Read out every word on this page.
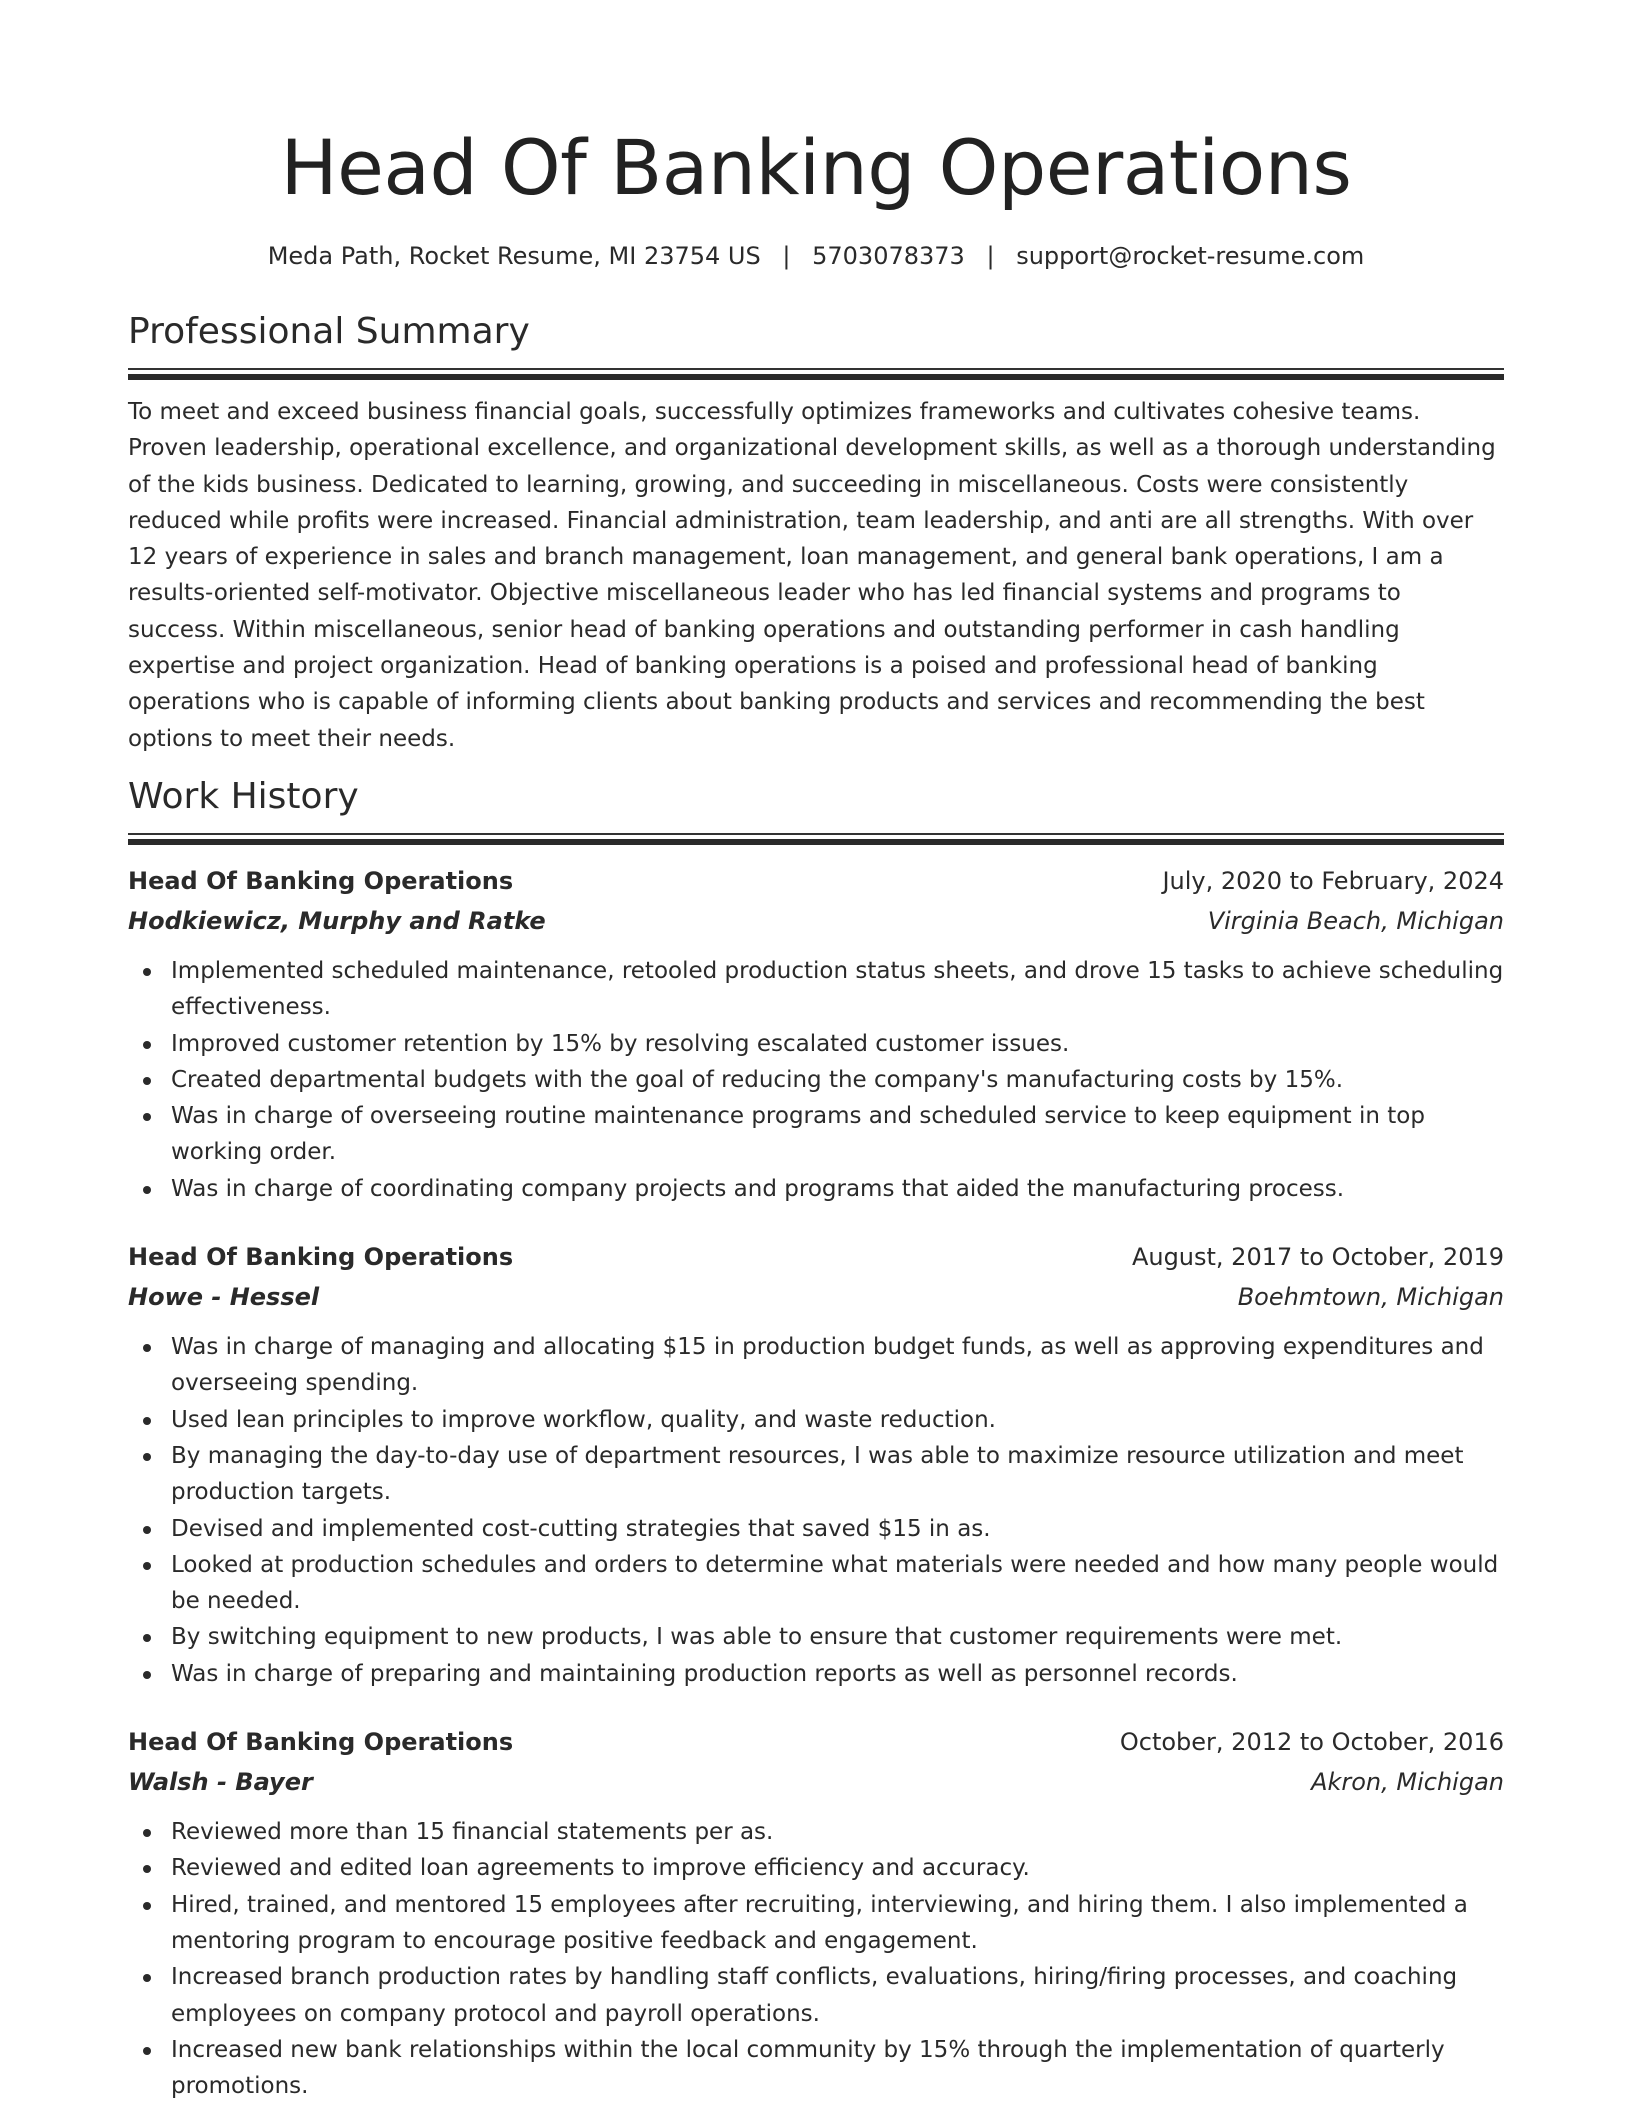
Head Of Banking Operations
Meda Path, Rocket Resume, MI 23754 US | 5703078373 | support@rocket-resume.com
Professional Summary

To meet and exceed business financial goals, successfully optimizes frameworks and cultivates cohesive teams. Proven leadership, operational excellence, and organizational development skills, as well as a thorough understanding of the kids business. Dedicated to learning, growing, and succeeding in miscellaneous. Costs were consistently reduced while profits were increased. Financial administration, team leadership, and anti are all strengths. With over 12 years of experience in sales and branch management, loan management, and general bank operations, I am a results-oriented self-motivator. Objective miscellaneous leader who has led financial systems and programs to success. Within miscellaneous, senior head of banking operations and outstanding performer in cash handling expertise and project organization. Head of banking operations is a poised and professional head of banking operations who is capable of informing clients about banking products and services and recommending the best options to meet their needs.

Work History
Head Of Banking Operations	July, 2020 to February, 2024
Hodkiewicz, Murphy and Ratke	Virginia Beach, Michigan
Implemented scheduled maintenance, retooled production status sheets, and drove 15 tasks to achieve scheduling effectiveness.
Improved customer retention by 15% by resolving escalated customer issues.
Created departmental budgets with the goal of reducing the company's manufacturing costs by 15%.
Was in charge of overseeing routine maintenance programs and scheduled service to keep equipment in top working order.
Was in charge of coordinating company projects and programs that aided the manufacturing process.
Head Of Banking Operations	August, 2017 to October, 2019
Howe - Hessel	Boehmtown, Michigan
Was in charge of managing and allocating $15 in production budget funds, as well as approving expenditures and overseeing spending.
Used lean principles to improve workflow, quality, and waste reduction.
By managing the day-to-day use of department resources, I was able to maximize resource utilization and meet production targets.
Devised and implemented cost-cutting strategies that saved $15 in as.
Looked at production schedules and orders to determine what materials were needed and how many people would be needed.
By switching equipment to new products, I was able to ensure that customer requirements were met.
Was in charge of preparing and maintaining production reports as well as personnel records.
Head Of Banking Operations	October, 2012 to October, 2016
Walsh - Bayer	Akron, Michigan
Reviewed more than 15 financial statements per as.
Reviewed and edited loan agreements to improve efficiency and accuracy.
Hired, trained, and mentored 15 employees after recruiting, interviewing, and hiring them. I also implemented a mentoring program to encourage positive feedback and engagement.
Increased branch production rates by handling staff conflicts, evaluations, hiring/firing processes, and coaching employees on company protocol and payroll operations.
Increased new bank relationships within the local community by 15% through the implementation of quarterly promotions.
